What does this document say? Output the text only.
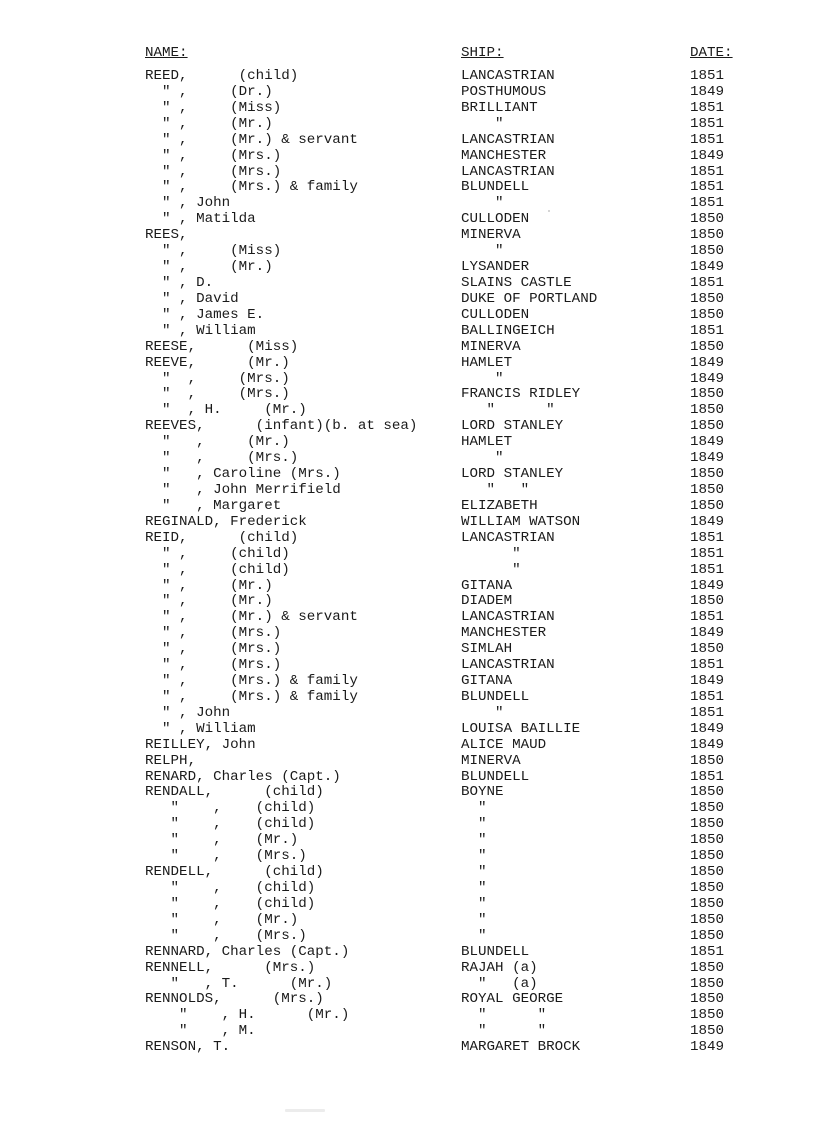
NAME:	SHIP:	DATE:
REED,      (child)	LANCASTRIAN	1851
" ,     (Dr.)	POSTHUMOUS	1849
" ,     (Miss)	BRILLIANT	1851
" ,     (Mr.)	"	1851
" ,     (Mr.) & servant	LANCASTRIAN	1851
" ,     (Mrs.)	MANCHESTER	1849
" ,     (Mrs.)	LANCASTRIAN	1851
" ,     (Mrs.) & family	BLUNDELL	1851
" , John	"	1851
" , Matilda	CULLODEN	1850
REES,	MINERVA	1850
" ,     (Miss)	"	1850
" ,     (Mr.)	LYSANDER	1849
" , D.	SLAINS CASTLE	1851
" , David	DUKE OF PORTLAND	1850
" , James E.	CULLODEN	1850
" , William	BALLINGEICH	1851
REESE,      (Miss)	MINERVA	1850
REEVE,      (Mr.)	HAMLET	1849
"  ,     (Mrs.)	"	1849
"  ,     (Mrs.)	FRANCIS RIDLEY	1850
"  , H.     (Mr.)	"      "	1850
REEVES,      (infant)(b. at sea)	LORD STANLEY	1850
"   ,     (Mr.)	HAMLET	1849
"   ,     (Mrs.)	"	1849
"   , Caroline (Mrs.)	LORD STANLEY	1850
"   , John Merrifield	"   "	1850
"   , Margaret	ELIZABETH	1850
REGINALD, Frederick	WILLIAM WATSON	1849
REID,      (child)	LANCASTRIAN	1851
" ,     (child)	"	1851
" ,     (child)	"	1851
" ,     (Mr.)	GITANA	1849
" ,     (Mr.)	DIADEM	1850
" ,     (Mr.) & servant	LANCASTRIAN	1851
" ,     (Mrs.)	MANCHESTER	1849
" ,     (Mrs.)	SIMLAH	1850
" ,     (Mrs.)	LANCASTRIAN	1851
" ,     (Mrs.) & family	GITANA	1849
" ,     (Mrs.) & family	BLUNDELL	1851
" , John	"	1851
" , William	LOUISA BAILLIE	1849
REILLEY, John	ALICE MAUD	1849
RELPH,	MINERVA	1850
RENARD, Charles (Capt.)	BLUNDELL	1851
RENDALL,      (child)	BOYNE	1850
"    ,    (child)	"	1850
"    ,    (child)	"	1850
"    ,    (Mr.)	"	1850
"    ,    (Mrs.)	"	1850
RENDELL,      (child)	"	1850
"    ,    (child)	"	1850
"    ,    (child)	"	1850
"    ,    (Mr.)	"	1850
"    ,    (Mrs.)	"	1850
RENNARD, Charles (Capt.)	BLUNDELL	1851
RENNELL,      (Mrs.)	RAJAH (a)	1850
"   , T.      (Mr.)	"   (a)	1850
RENNOLDS,      (Mrs.)	ROYAL GEORGE	1850
"    , H.      (Mr.)	"      "	1850
"    , M.	"      "	1850
RENSON, T.	MARGARET BROCK	1849
